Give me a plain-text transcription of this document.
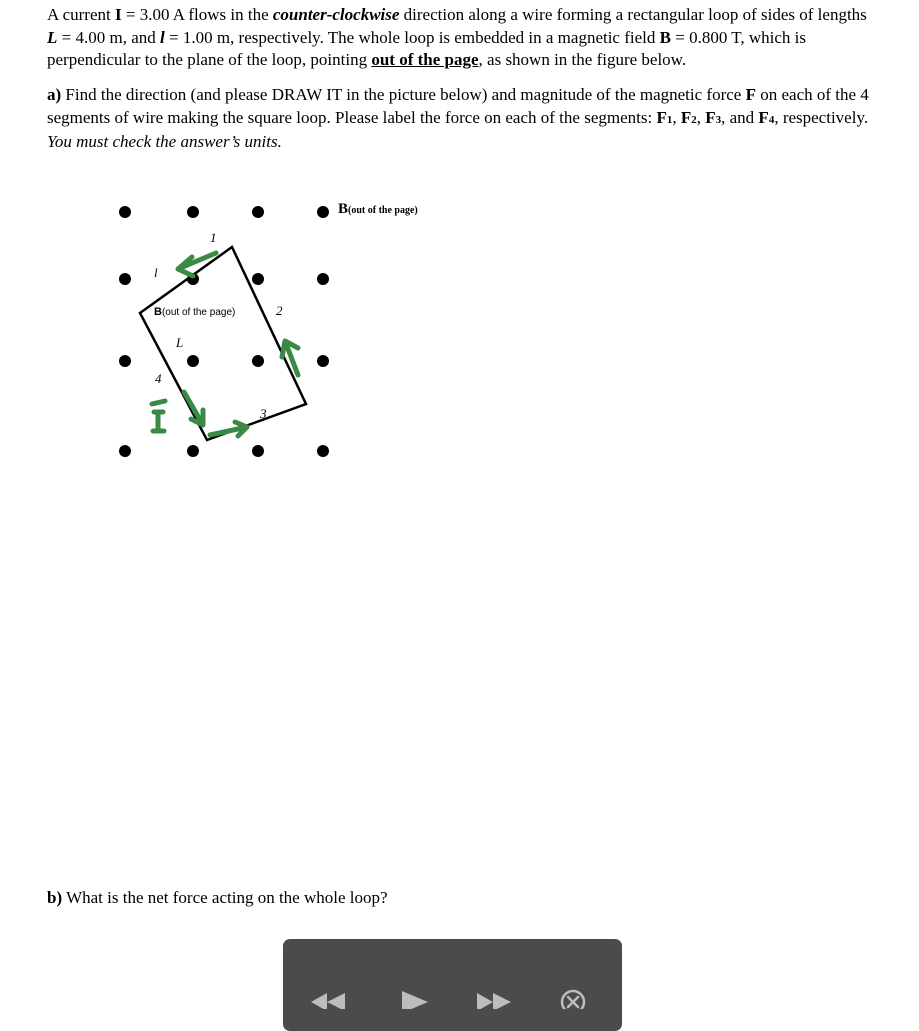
A current I = 3.00 A flows in the counter-clockwise direction along a wire forming a rectangular loop of sides of lengths L = 4.00 m, and l = 1.00 m, respectively. The whole loop is embedded in a magnetic field B = 0.800 T, which is perpendicular to the plane of the loop, pointing out of the page, as shown in the figure below.

a) Find the direction (and please DRAW IT in the picture below) and magnitude of the magnetic force F on each of the 4 segments of wire making the square loop. Please label the force on each of the segments: F1, F2, F3, and F4, respectively. You must check the answer’s units.

B(out of the page)
B(out of the page)
1
2
3
4
L
l

b) What is the net force acting on the whole loop?
